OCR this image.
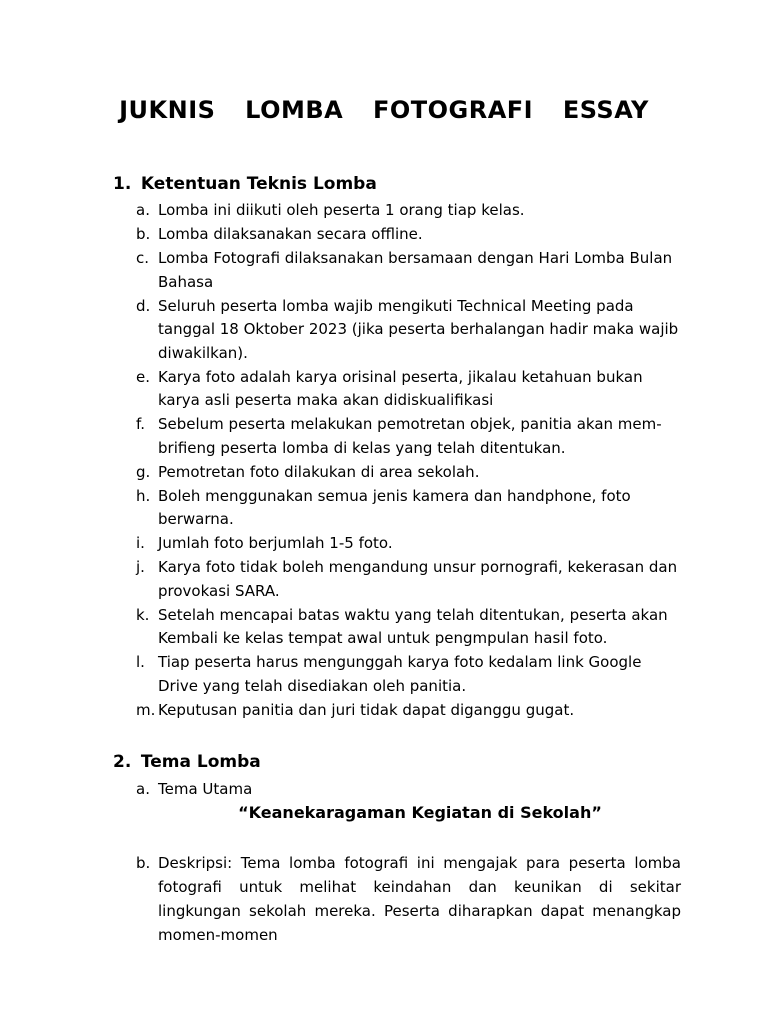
JUKNIS  LOMBA  FOTOGRAFI  ESSAY
1. Ketentuan Teknis Lomba
a. Lomba ini diikuti oleh peserta 1 orang tiap kelas.
b. Lomba dilaksanakan secara offline.
c. Lomba Fotografi dilaksanakan bersamaan dengan Hari Lomba Bulan Bahasa
d. Seluruh peserta lomba wajib mengikuti Technical Meeting pada tanggal 18 Oktober 2023 (jika peserta berhalangan hadir maka wajib diwakilkan).
e. Karya foto adalah karya orisinal peserta, jikalau ketahuan bukan karya asli peserta maka akan didiskualifikasi
f. Sebelum peserta melakukan pemotretan objek, panitia akan mem-brifieng peserta lomba di kelas yang telah ditentukan.
g. Pemotretan foto dilakukan di area sekolah.
h. Boleh menggunakan semua jenis kamera dan handphone, foto berwarna.
i. Jumlah foto berjumlah 1-5 foto.
j. Karya foto tidak boleh mengandung unsur pornografi, kekerasan dan provokasi SARA.
k. Setelah mencapai batas waktu yang telah ditentukan, peserta akan Kembali ke kelas tempat awal untuk pengmpulan hasil foto.
l. Tiap peserta harus mengunggah karya foto kedalam link Google Drive yang telah disediakan oleh panitia.
m. Keputusan panitia dan juri tidak dapat diganggu gugat.
2. Tema Lomba
a. Tema Utama
“Keanekaragaman Kegiatan di Sekolah”
b. Deskripsi: Tema lomba fotografi ini mengajak para peserta lomba fotografi untuk melihat keindahan dan keunikan di sekitar lingkungan sekolah mereka. Peserta diharapkan dapat menangkap momen-momen
